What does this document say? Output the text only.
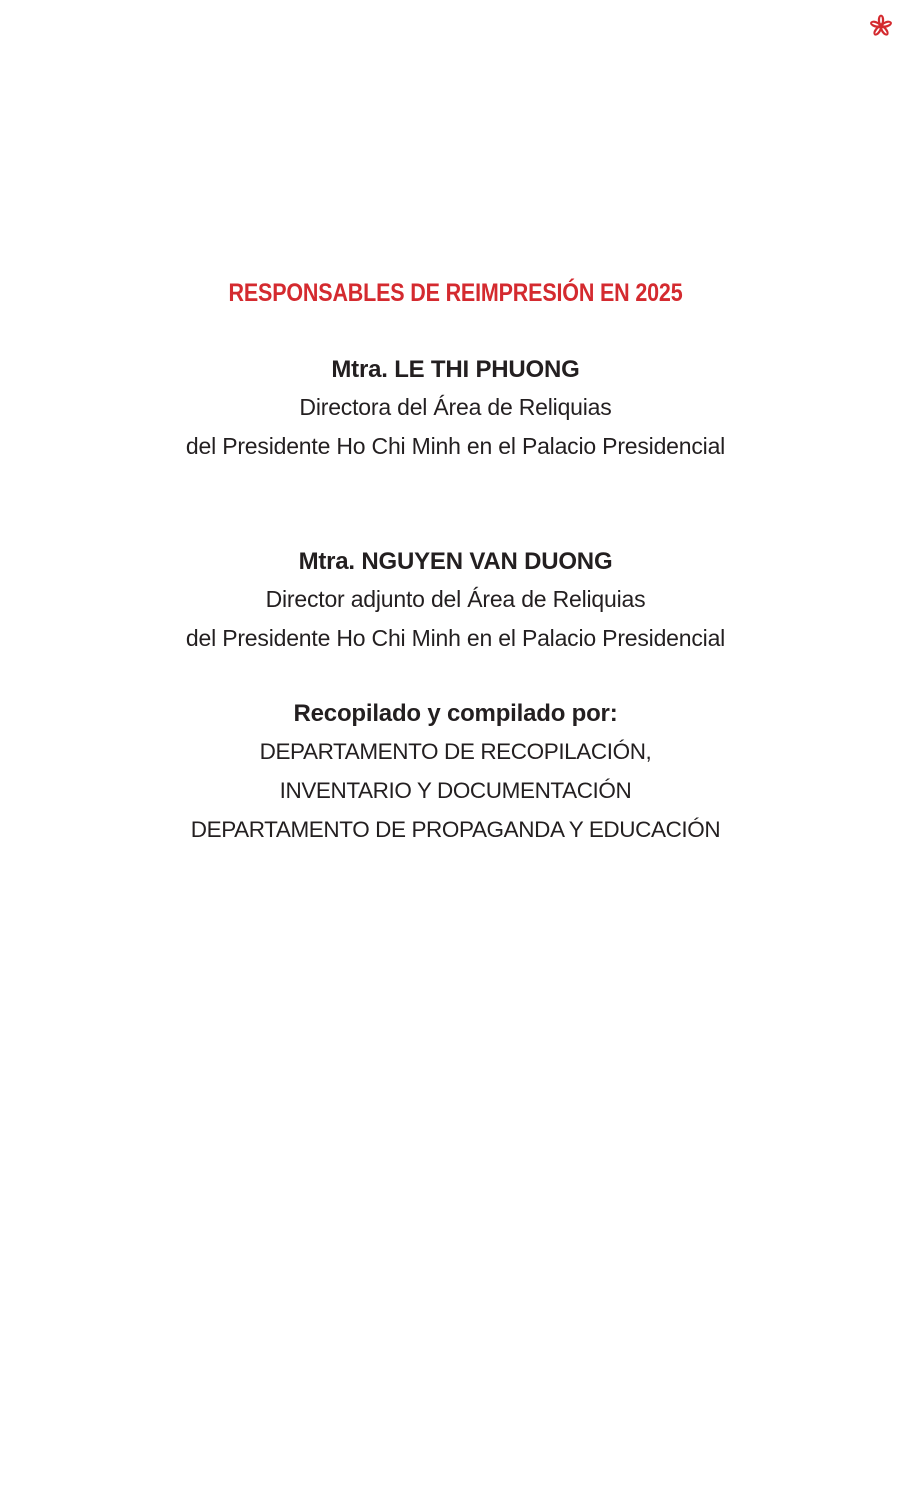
RESPONSABLES DE REIMPRESIÓN EN 2025
Mtra. LE THI PHUONG
Directora del Área de Reliquias
del Presidente Ho Chi Minh en el Palacio Presidencial
Mtra. NGUYEN VAN DUONG
Director adjunto del Área de Reliquias
del Presidente Ho Chi Minh en el Palacio Presidencial
Recopilado y compilado por:
DEPARTAMENTO DE RECOPILACIÓN,
INVENTARIO Y DOCUMENTACIÓN
DEPARTAMENTO DE PROPAGANDA Y EDUCACIÓN
